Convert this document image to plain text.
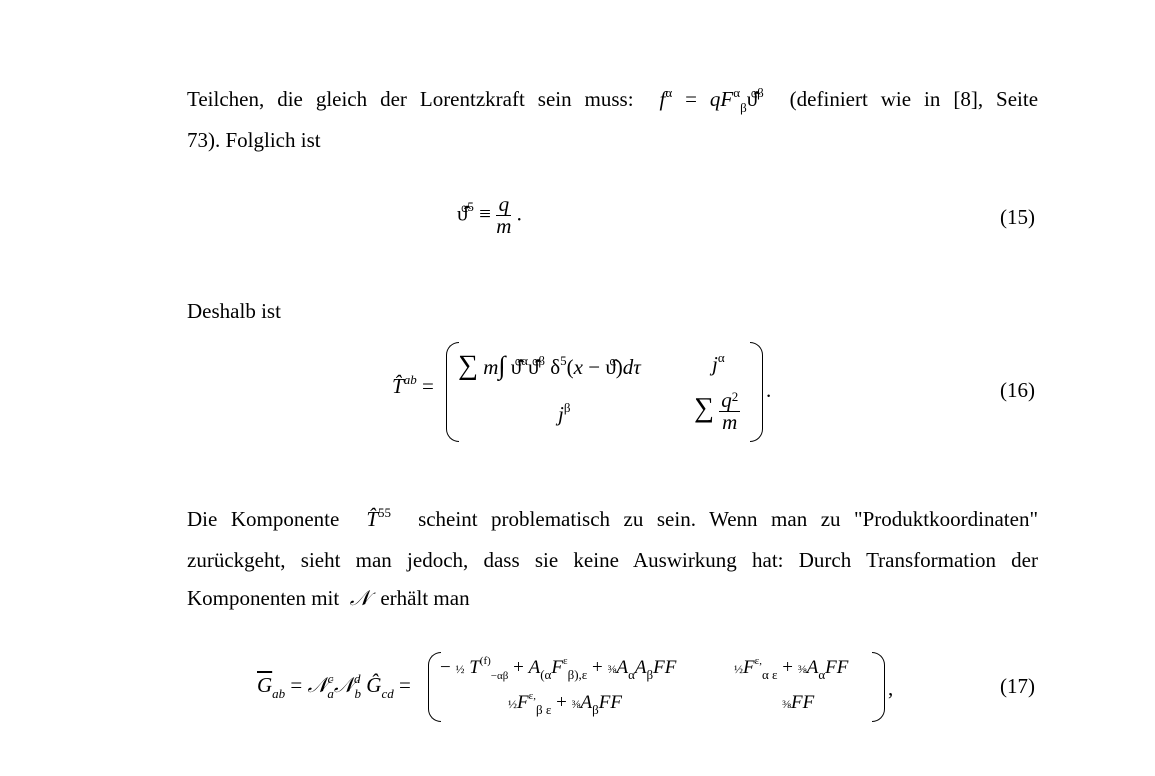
Teilchen, die gleich der Lorentzkraft sein muss:  $f^\alpha$ = $qF^\alpha_\beta ϑ̂̇^\beta$ (definiert wie in [8], Seite
73). Folglich ist
ϑ̂̇$^5$ ≡ $\frac{q}{m}$ .	(15)
Deshalb ist
T̂$^{ab}$ =
∑ m∫ ϑ̂̇$^\alpha$ϑ̂̇$^\beta$ $\delta^5(x$ − ϑ̂)dτ	$j^\alpha$
$j^\beta$	∑ $\frac{q^2}{m}$ .	(16)
Die Komponente  T̂$^{55}$ scheint problematisch zu sein. Wenn man zu "Produktkoordinaten"
zurückgeht, sieht man jedoch, dass sie keine Auswirkung hat: Durch Transformation der
Komponenten mit  𝒩  erhält man
$\overline{G}_{ab}$ = 𝒩$^c_a$𝒩$^d_b$ $Ĝ_{cd}$ =
− ½ $T^{(f)}_{-\alpha\beta} + A_{(\alpha}F^\varepsilon_{\beta),\varepsilon}$ + $\frac{3}{8}A_\alpha A_\beta FF$	$\frac{1}{2}F^{\varepsilon,}_{\alpha \varepsilon}$ + $\frac{3}{8}A_\alpha FF$
$\frac{1}{2}F^{\varepsilon,}_{\beta \varepsilon}$ + $\frac{3}{8}A_\beta FF$	⅜FF
,	(17)
